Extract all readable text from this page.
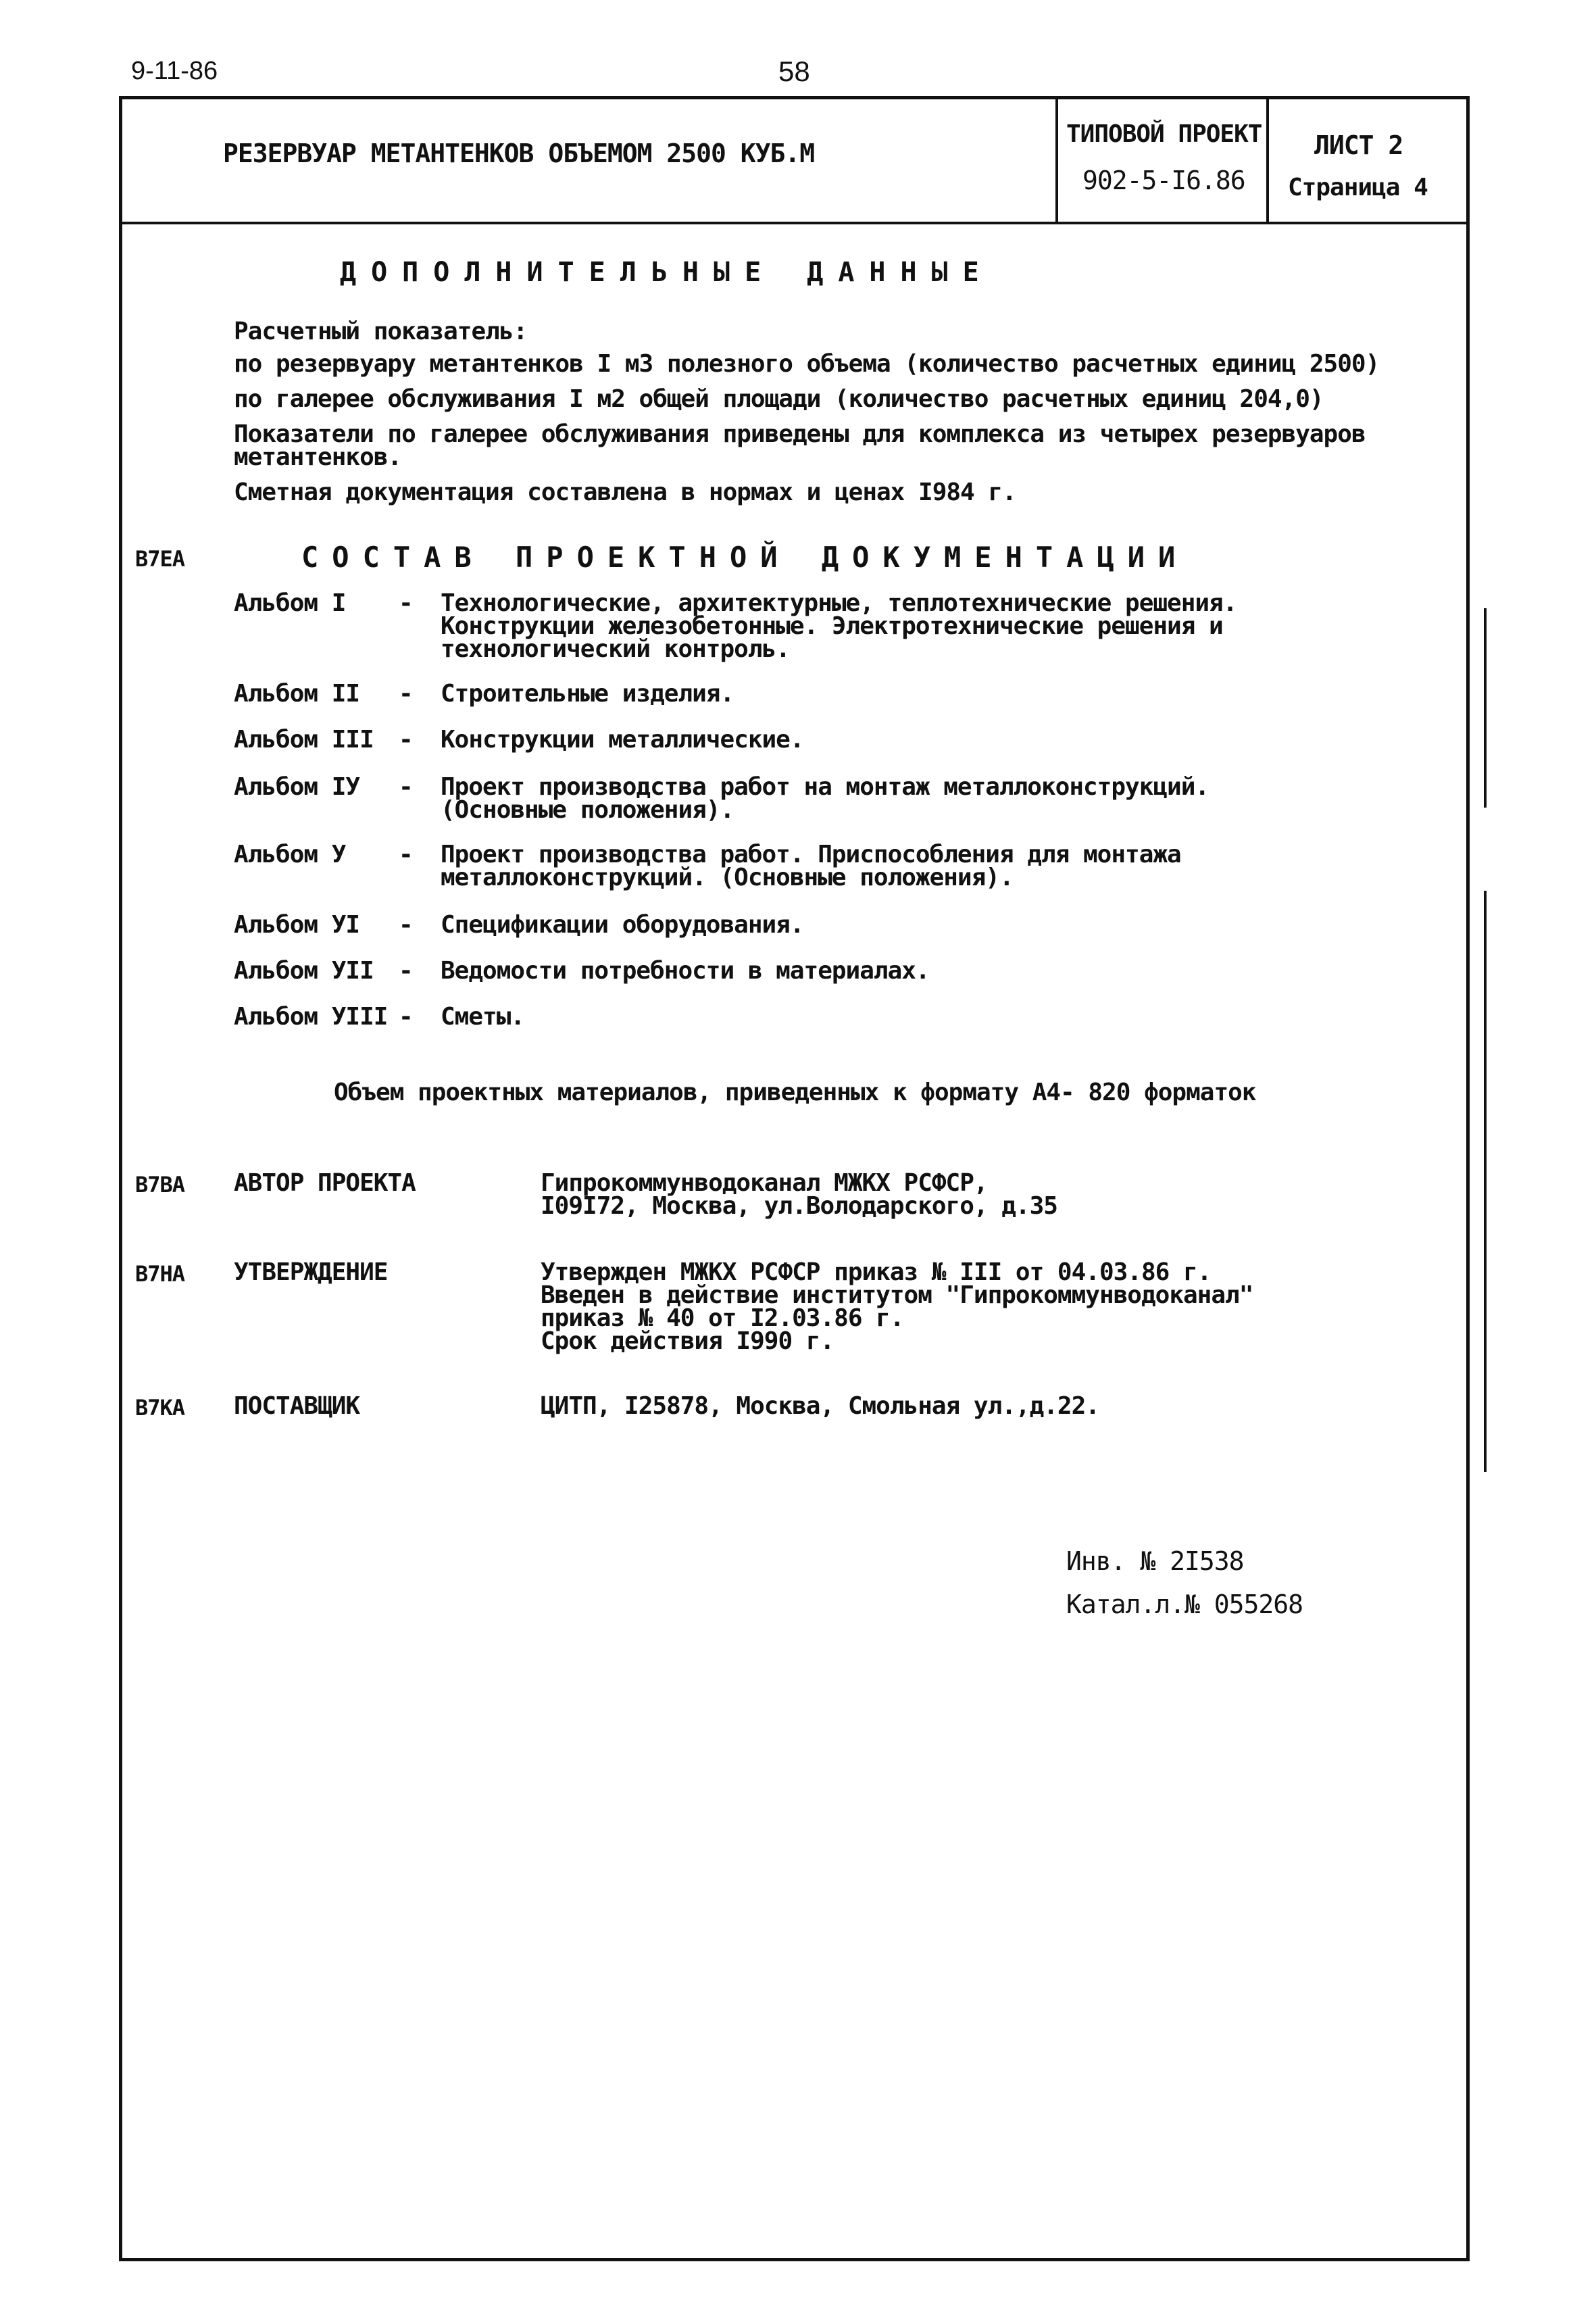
9-11-86	58
РЕЗЕРВУАР МЕТАНТЕНКОВ ОБЪЕМОМ 2500 КУБ.М
ТИПОВОЙ ПРОЕКТ
902-5-I6.86
ЛИСТ 2
Страница 4
ДОПОЛНИТЕЛЬНЫЕ ДАННЫЕ
Расчетный показатель:
по резервуару метантенков I м3 полезного объема (количество расчетных единиц 2500)
по галерее обслуживания I м2 общей площади (количество расчетных единиц 204,0)
Показатели по галерее обслуживания приведены для комплекса из четырех резервуаров
метантенков.
Сметная документация составлена в нормах и ценах I984 г.
В7ЕА	СОСТАВ ПРОЕКТНОЙ ДОКУМЕНТАЦИИ
Альбом I - Технологические, архитектурные, теплотехнические решения.
Конструкции железобетонные. Электротехнические решения и
технологический контроль.
Альбом II - Строительные изделия.
Альбом III - Конструкции металлические.
Альбом IУ - Проект производства работ на монтаж металлоконструкций.
(Основные положения).
Альбом У - Проект производства работ. Приспособления для монтажа
металлоконструкций. (Основные положения).
Альбом УI - Спецификации оборудования.
Альбом УII - Ведомости потребности в материалах.
Альбом УIII - Сметы.
Объем проектных материалов, приведенных к формату А4- 820 форматок
В7ВА АВТОР ПРОЕКТА	Гипрокоммунводоканал МЖКХ РСФСР,
I09I72, Москва, ул.Володарского, д.35
В7НА УТВЕРЖДЕНИЕ	Утвержден МЖКХ РСФСР приказ № III от 04.03.86 г.
Введен в действие институтом "Гипрокоммунводоканал"
приказ № 40 от I2.03.86 г.
Срок действия I990 г.
В7КА ПОСТАВЩИК	ЦИТП, I25878, Москва, Смольная ул.,д.22.
Инв. № 2I538
Катал.л.№ 055268
